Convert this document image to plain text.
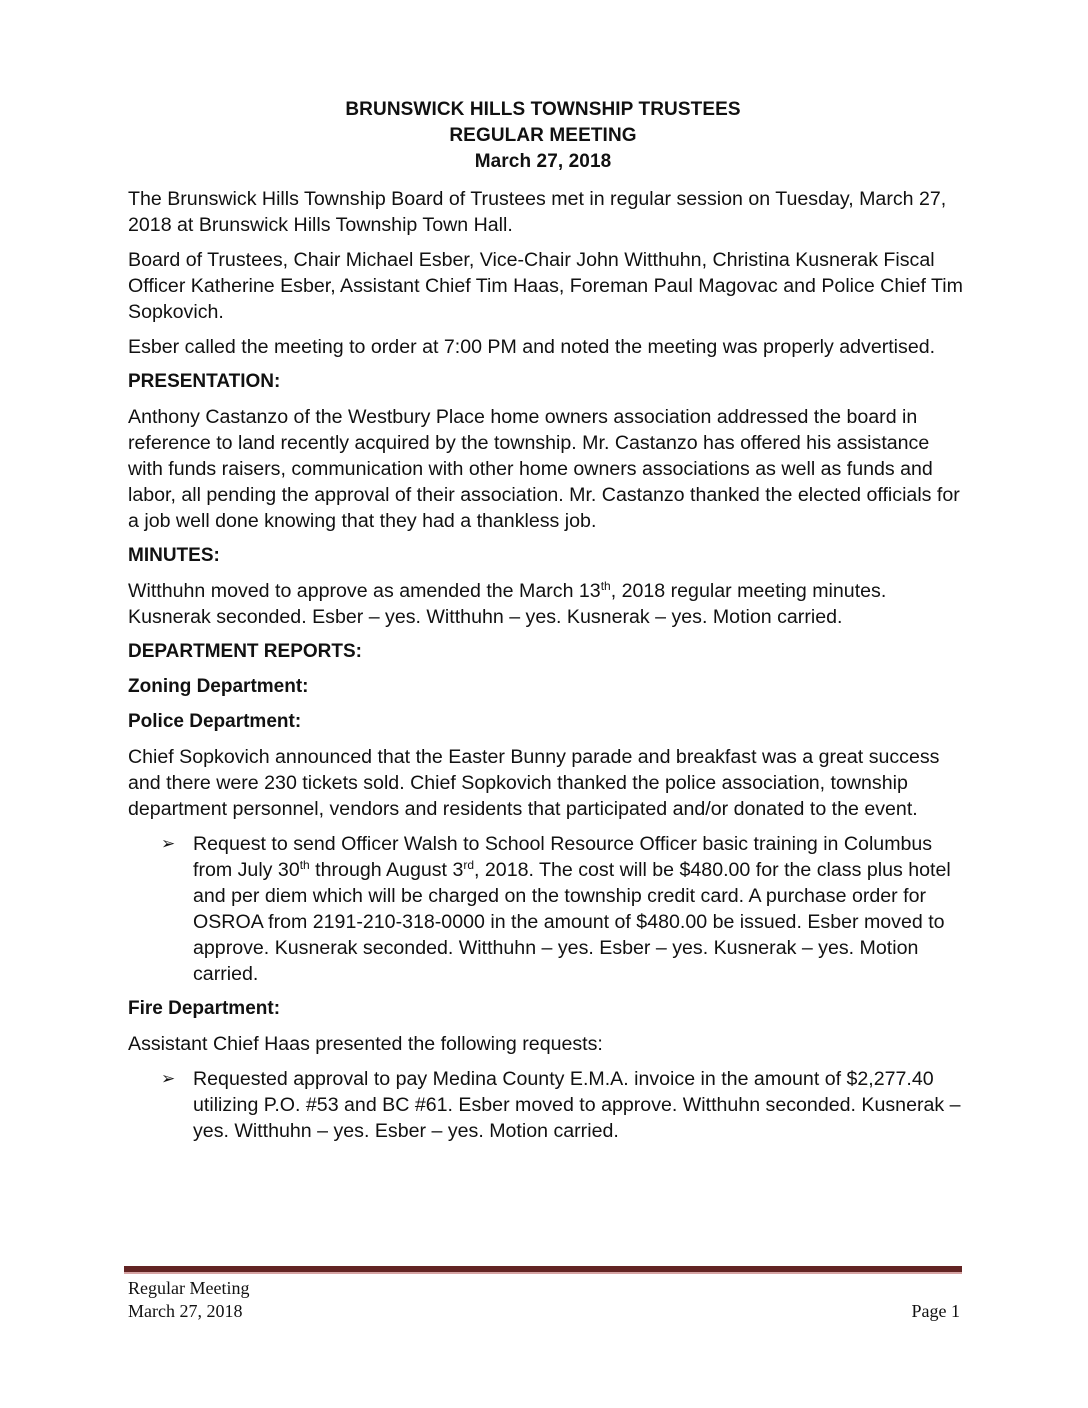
BRUNSWICK HILLS TOWNSHIP TRUSTEES
REGULAR MEETING
March 27, 2018

The Brunswick Hills Township Board of Trustees met in regular session on Tuesday, March 27, 2018 at Brunswick Hills Township Town Hall.

Board of Trustees, Chair Michael Esber, Vice-Chair John Witthuhn, Christina Kusnerak Fiscal Officer Katherine Esber, Assistant Chief Tim Haas, Foreman Paul Magovac and Police Chief Tim Sopkovich.

Esber called the meeting to order at 7:00 PM and noted the meeting was properly advertised.

PRESENTATION:

Anthony Castanzo of the Westbury Place home owners association addressed the board in reference to land recently acquired by the township. Mr. Castanzo has offered his assistance with funds raisers, communication with other home owners associations as well as funds and labor, all pending the approval of their association. Mr. Castanzo thanked the elected officials for a job well done knowing that they had a thankless job.

MINUTES:

Witthuhn moved to approve as amended the March 13th, 2018 regular meeting minutes. Kusnerak seconded. Esber – yes. Witthuhn – yes. Kusnerak – yes. Motion carried.

DEPARTMENT REPORTS:
Zoning Department:
Police Department:

Chief Sopkovich announced that the Easter Bunny parade and breakfast was a great success and there were 230 tickets sold. Chief Sopkovich thanked the police association, township department personnel, vendors and residents that participated and/or donated to the event.

➢ Request to send Officer Walsh to School Resource Officer basic training in Columbus from July 30th through August 3rd, 2018. The cost will be $480.00 for the class plus hotel and per diem which will be charged on the township credit card. A purchase order for OSROA from 2191-210-318-0000 in the amount of $480.00 be issued. Esber moved to approve. Kusnerak seconded. Witthuhn – yes. Esber – yes. Kusnerak – yes. Motion carried.
Fire Department:

Assistant Chief Haas presented the following requests:

➢ Requested approval to pay Medina County E.M.A. invoice in the amount of $2,277.40 utilizing P.O. #53 and BC #61. Esber moved to approve. Witthuhn seconded. Kusnerak – yes. Witthuhn – yes. Esber – yes. Motion carried.
Regular Meeting
March 27, 2018	Page 1
